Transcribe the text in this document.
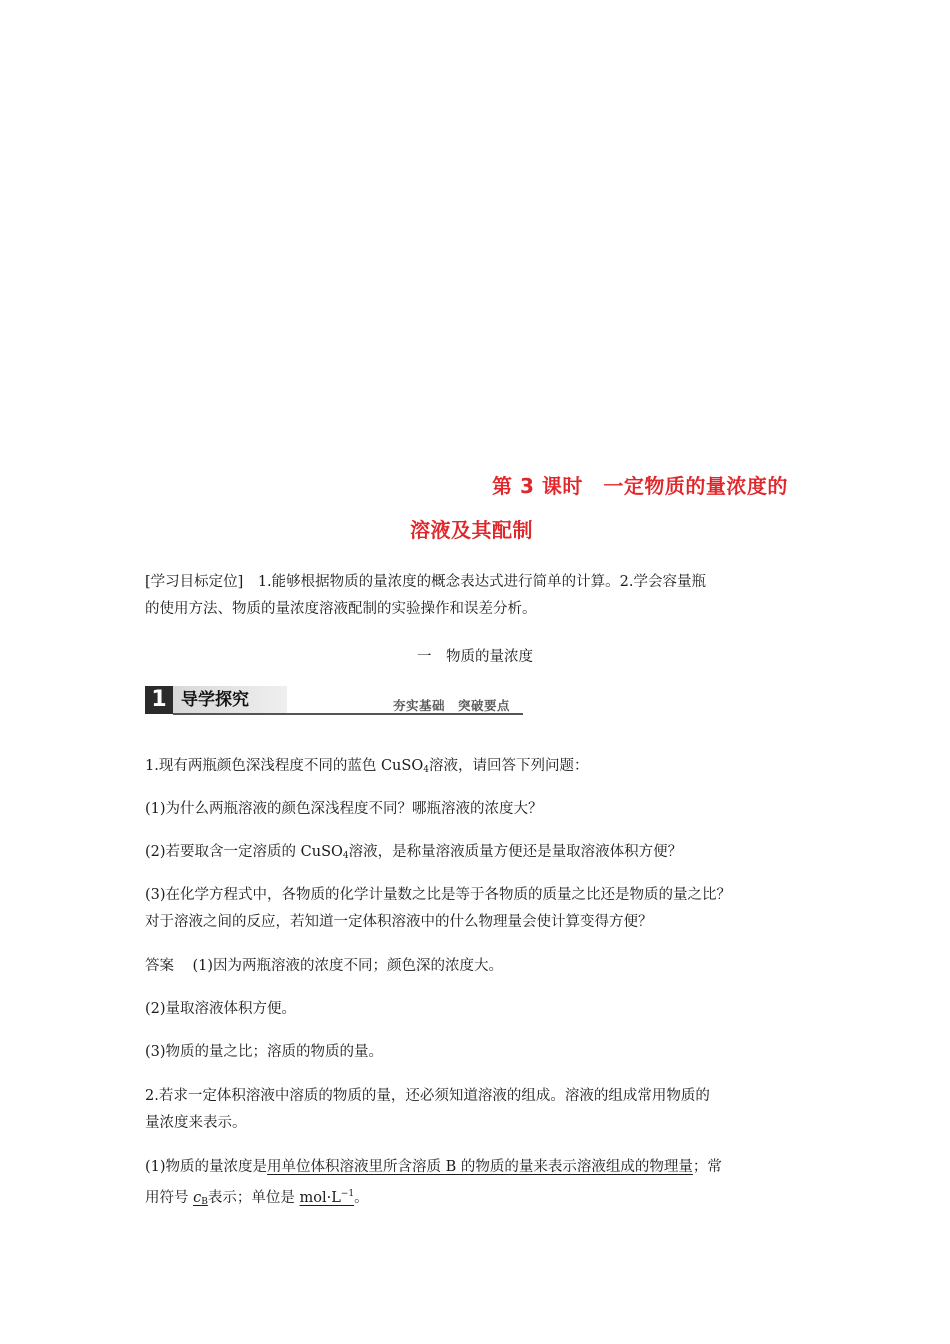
第 3 课时　一定物质的量浓度的
溶液及其配制
[学习目标定位]　1.能够根据物质的量浓度的概念表达式进行简单的计算。2.学会容量瓶
的使用方法、物质的量浓度溶液配制的实验操作和误差分析。
一　物质的量浓度
1 导学探究	夯实基础　突破要点
1.现有两瓶颜色深浅程度不同的蓝色 CuSO4溶液，请回答下列问题：
(1)为什么两瓶溶液的颜色深浅程度不同？哪瓶溶液的浓度大？
(2)若要取含一定溶质的 CuSO4溶液，是称量溶液质量方便还是量取溶液体积方便？
(3)在化学方程式中，各物质的化学计量数之比是等于各物质的质量之比还是物质的量之比？
对于溶液之间的反应，若知道一定体积溶液中的什么物理量会使计算变得方便？
答案 (1)因为两瓶溶液的浓度不同；颜色深的浓度大。
(2)量取溶液体积方便。
(3)物质的量之比；溶质的物质的量。
2.若求一定体积溶液中溶质的物质的量，还必须知道溶液的组成。溶液的组成常用物质的
量浓度来表示。
(1)物质的量浓度是用单位体积溶液里所含溶质 B 的物质的量来表示溶液组成的物理量；常
用符号 cB表示；单位是 $mol\cdot L^{-1}$。
